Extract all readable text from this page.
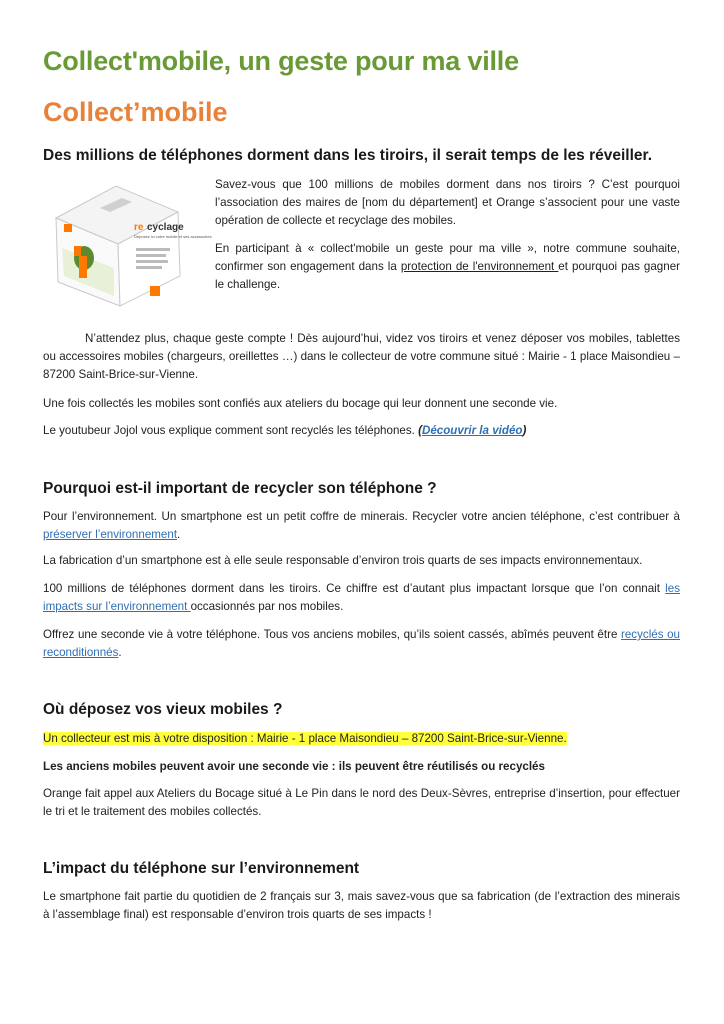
Collect'mobile, un geste pour ma ville
Collect’mobile
Des millions de téléphones dorment dans les tiroirs, il serait temps de les réveiller.
re cyclage
Déposez ici votre mobile et ses accessoires

Savez-vous que 100 millions de mobiles dorment dans nos tiroirs ? C’est pourquoi l’association des maires de [nom du département] et Orange s’associent pour une vaste opération de collecte et recyclage des mobiles.

En participant à « collect'mobile un geste pour ma ville », notre commune souhaite, confirmer son engagement dans la protection de l'environnement et pourquoi pas gagner le challenge.

N’attendez plus, chaque geste compte ! Dès aujourd’hui, videz vos tiroirs et venez déposer vos mobiles, tablettes ou accessoires mobiles (chargeurs, oreillettes …) dans le collecteur de votre commune situé : Mairie - 1 place Maisondieu – 87200 Saint-Brice-sur-Vienne.

Une fois collectés les mobiles sont confiés aux ateliers du bocage qui leur donnent une seconde vie.

Le youtubeur Jojol vous explique comment sont recyclés les téléphones. (Découvrir la vidéo)

Pourquoi est-il important de recycler son téléphone ?

Pour l’environnement. Un smartphone est un petit coffre de minerais. Recycler votre ancien téléphone, c’est contribuer à préserver l’environnement.

La fabrication d’un smartphone est à elle seule responsable d’environ trois quarts de ses impacts environnementaux.

100 millions de téléphones dorment dans les tiroirs. Ce chiffre est d’autant plus impactant lorsque que l’on connait les impacts sur l’environnement occasionnés par nos mobiles.

Offrez une seconde vie à votre téléphone. Tous vos anciens mobiles, qu’ils soient cassés, abîmés peuvent être recyclés ou reconditionnés.

Où déposez vos vieux mobiles ?

Un collecteur est mis à votre disposition : Mairie - 1 place Maisondieu – 87200 Saint-Brice-sur-Vienne.

Les anciens mobiles peuvent avoir une seconde vie : ils peuvent être réutilisés ou recyclés

Orange fait appel aux Ateliers du Bocage situé à Le Pin dans le nord des Deux-Sèvres, entreprise d’insertion, pour effectuer le tri et le traitement des mobiles collectés.

L’impact du téléphone sur l’environnement

Le smartphone fait partie du quotidien de 2 français sur 3, mais savez-vous que sa fabrication (de l’extraction des minerais à l’assemblage final) est responsable d’environ trois quarts de ses impacts !
